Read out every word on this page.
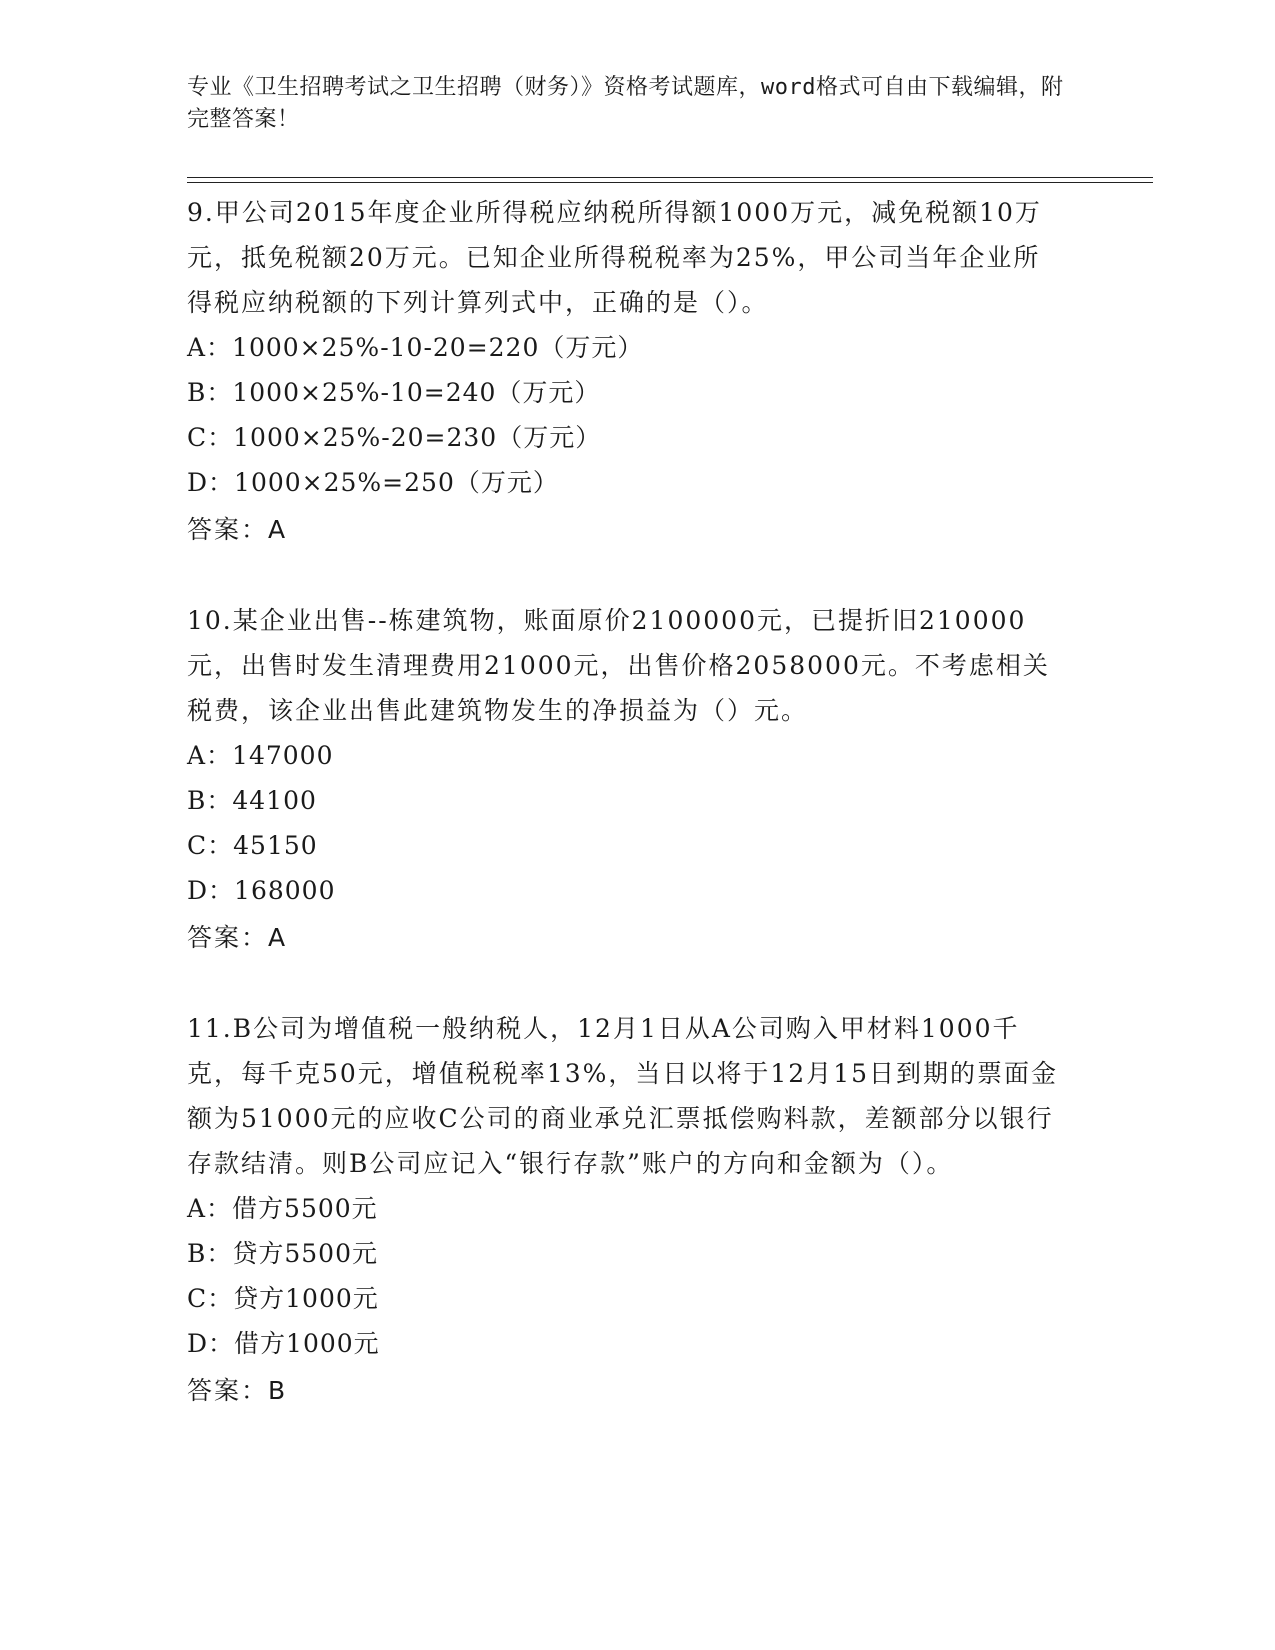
专业《卫生招聘考试之卫生招聘（财务）》资格考试题库，word格式可自由下载编辑，附完整答案！

9.甲公司2015年度企业所得税应纳税所得额1000万元，减免税额10万元，抵免税额20万元。已知企业所得税税率为25%，甲公司当年企业所得税应纳税额的下列计算列式中，正确的是（）。

A：1000×25%-10-20=220（万元）

B：1000×25%-10=240（万元）

C：1000×25%-20=230（万元）

D：1000×25%=250（万元）

答案：A

10.某企业出售--栋建筑物，账面原价2100000元，已提折旧210000元，出售时发生清理费用21000元，出售价格2058000元。不考虑相关税费，该企业出售此建筑物发生的净损益为（）元。

A：147000

B：44100

C：45150

D：168000

答案：A

11.B公司为增值税一般纳税人，12月1日从A公司购入甲材料1000千克，每千克50元，增值税税率13%，当日以将于12月15日到期的票面金额为51000元的应收C公司的商业承兑汇票抵偿购料款，差额部分以银行存款结清。则B公司应记入“银行存款”账户的方向和金额为（）。

A：借方5500元

B：贷方5500元

C：贷方1000元

D：借方1000元

答案：B
